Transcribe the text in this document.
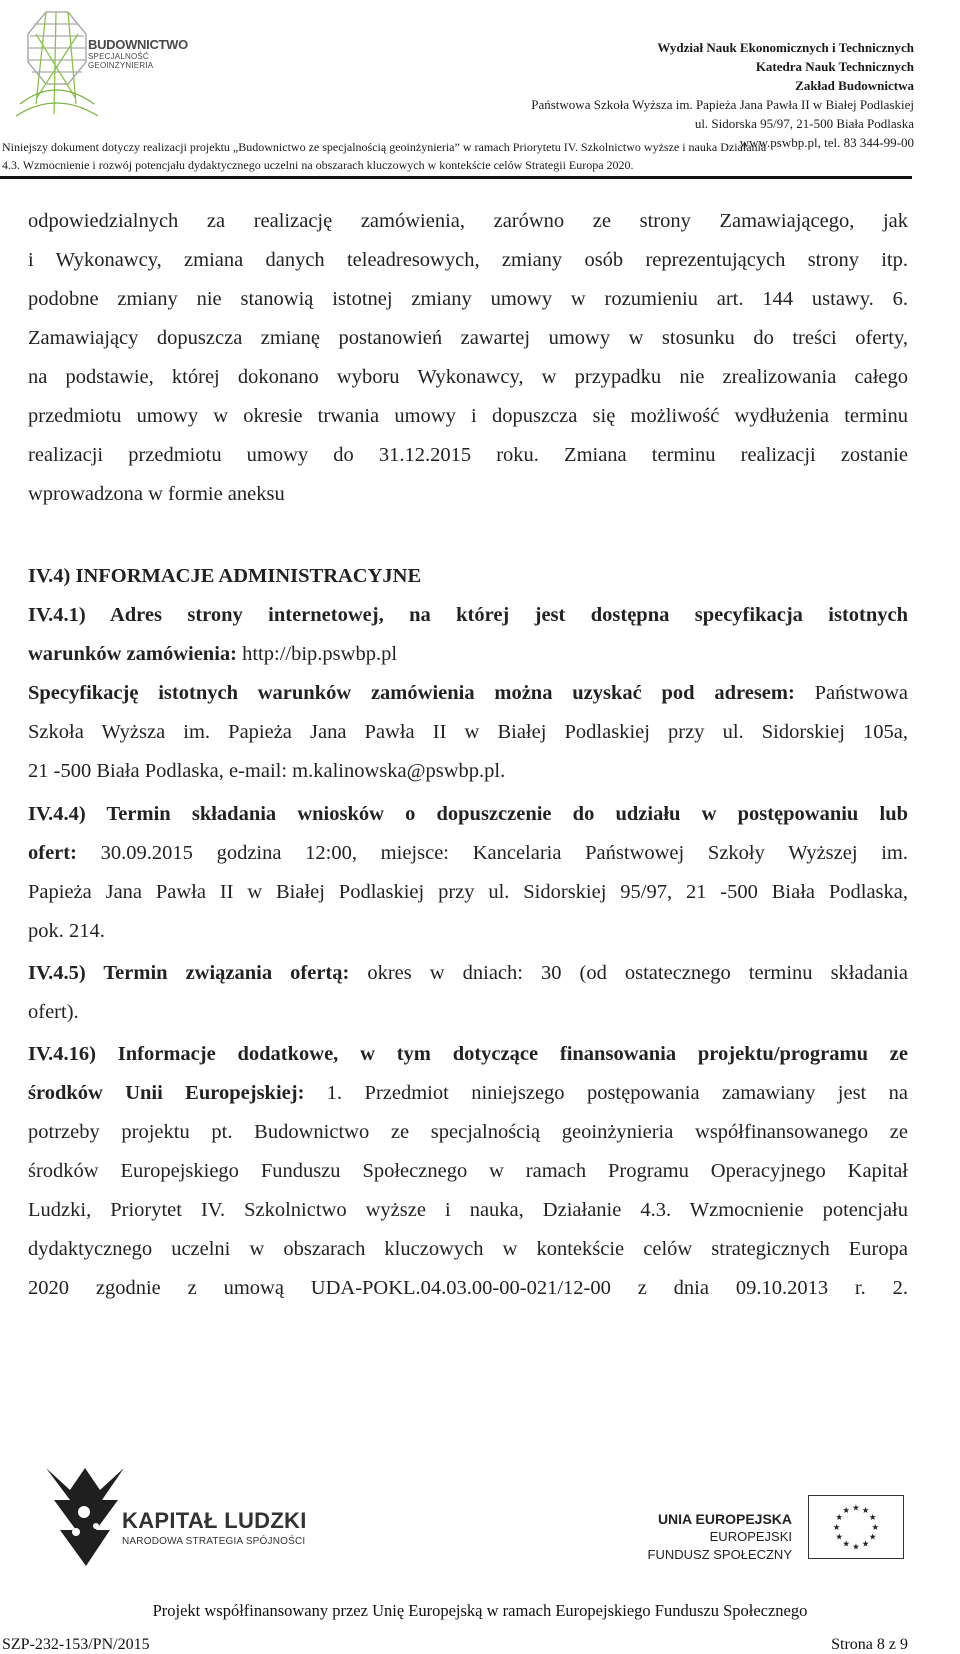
BUDOWNICTWO
SPECJALNOŚĆ
GEOINŻYNIERIA
Wydział Nauk Ekonomicznych i Technicznych
Katedra Nauk Technicznych
Zakład Budownictwa
Państwowa Szkoła Wyższa im. Papieża Jana Pawła II w Białej Podlaskiej
ul. Sidorska 95/97, 21-500 Biała Podlaska
www.pswbp.pl, tel. 83 344-99-00
Niniejszy dokument dotyczy realizacji projektu „Budownictwo ze specjalnością geoinżynieria” w ramach Priorytetu IV. Szkolnictwo wyższe i nauka Działania
4.3. Wzmocnienie i rozwój potencjału dydaktycznego uczelni na obszarach kluczowych w kontekście celów Strategii Europa 2020.
odpowiedzialnych za realizację zamówienia, zarówno ze strony Zamawiającego, jak
i Wykonawcy, zmiana danych teleadresowych, zmiany osób reprezentujących strony itp.
podobne zmiany nie stanowią istotnej zmiany umowy w rozumieniu art. 144 ustawy. 6.
Zamawiający dopuszcza zmianę postanowień zawartej umowy w stosunku do treści oferty,
na podstawie, której dokonano wyboru Wykonawcy, w przypadku nie zrealizowania całego
przedmiotu umowy w okresie trwania umowy i dopuszcza się możliwość wydłużenia terminu
realizacji przedmiotu umowy do 31.12.2015 roku. Zmiana terminu realizacji zostanie
wprowadzona w formie aneksu
IV.4) INFORMACJE ADMINISTRACYJNE
IV.4.1) Adres strony internetowej, na której jest dostępna specyfikacja istotnych
warunków zamówienia: http://bip.pswbp.pl
Specyfikację istotnych warunków zamówienia można uzyskać pod adresem: Państwowa
Szkoła Wyższa im. Papieża Jana Pawła II w Białej Podlaskiej przy ul. Sidorskiej 105a,
21 -500 Biała Podlaska, e-mail: m.kalinowska@pswbp.pl.
IV.4.4) Termin składania wniosków o dopuszczenie do udziału w postępowaniu lub
ofert: 30.09.2015 godzina 12:00, miejsce: Kancelaria Państwowej Szkoły Wyższej im.
Papieża Jana Pawła II w Białej Podlaskiej przy ul. Sidorskiej 95/97, 21 -500 Biała Podlaska,
pok. 214.
IV.4.5) Termin związania ofertą: okres w dniach: 30 (od ostatecznego terminu składania
ofert).
IV.4.16) Informacje dodatkowe, w tym dotyczące finansowania projektu/programu ze
środków Unii Europejskiej: 1. Przedmiot niniejszego postępowania zamawiany jest na
potrzeby projektu pt. Budownictwo ze specjalnością geoinżynieria współfinansowanego ze
środków Europejskiego Funduszu Społecznego w ramach Programu Operacyjnego Kapitał
Ludzki, Priorytet IV. Szkolnictwo wyższe i nauka, Działanie 4.3. Wzmocnienie potencjału
dydaktycznego uczelni w obszarach kluczowych w kontekście celów strategicznych Europa
2020 zgodnie z umową UDA-POKL.04.03.00-00-021/12-00 z dnia 09.10.2013 r. 2.
KAPITAŁ LUDZKI
NARODOWA STRATEGIA SPÓJNOŚCI
UNIA EUROPEJSKA
EUROPEJSKI
FUNDUSZ SPOŁECZNY
★
★
★
★
★
★
★
★
★ ★ ★
★
Projekt współfinansowany przez Unię Europejską w ramach Europejskiego Funduszu Społecznego
SZP-232-153/PN/2015	Strona 8 z 9
